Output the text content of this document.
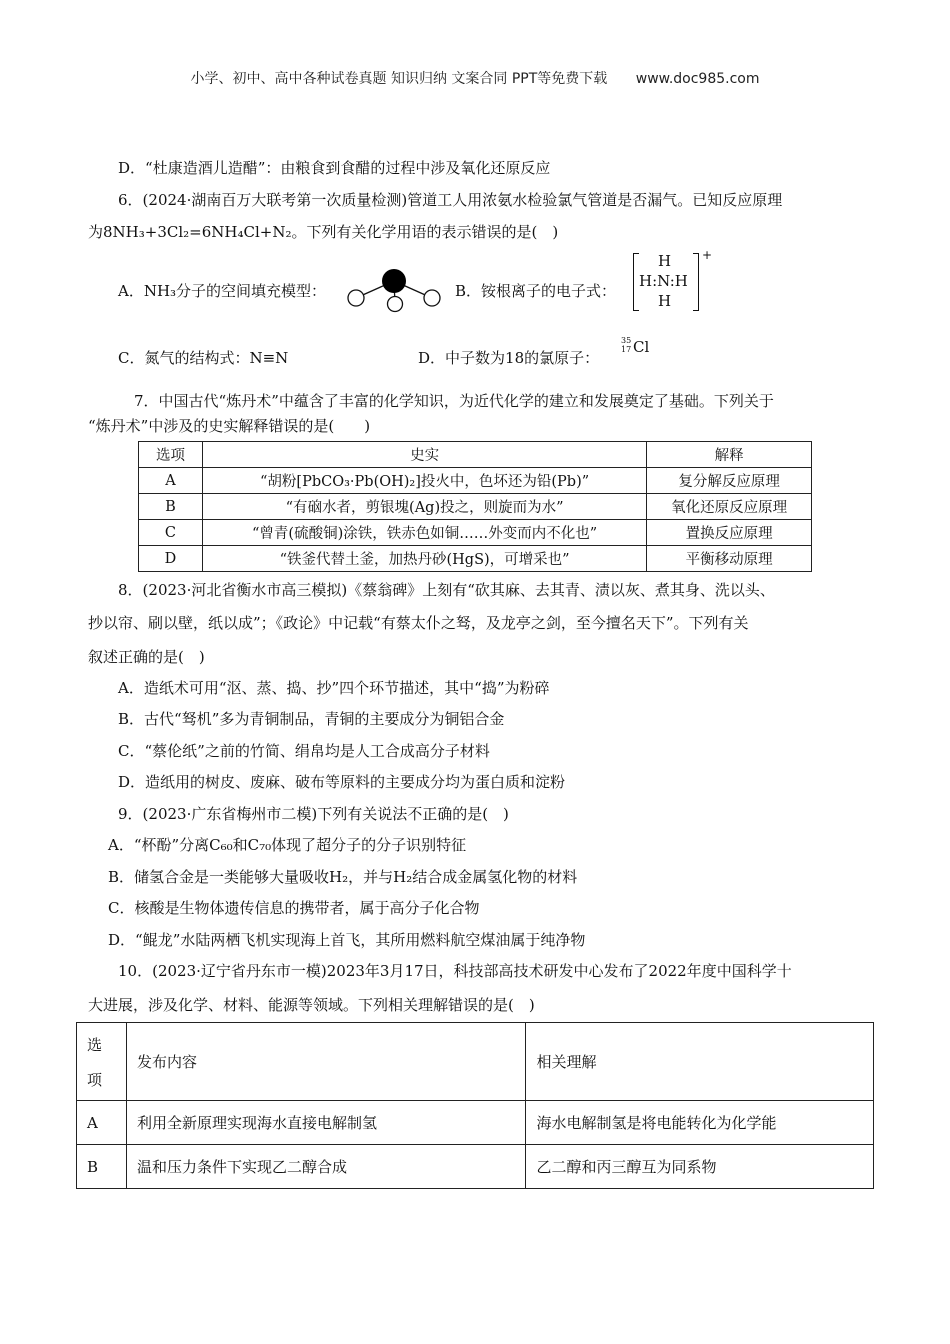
小学、初中、高中各种试卷真题 知识归纳 文案合同 PPT等免费下载 www.doc985.com
D．“杜康造酒儿造醋”：由粮食到食醋的过程中涉及氧化还原反应
6．(2024·湖南百万大联考第一次质量检测)管道工人用浓氨水检验氯气管道是否漏气。已知反应原理
为8NH₃+3Cl₂=6NH₄Cl+N₂。下列有关化学用语的表示错误的是(　)
A．NH₃分子的空间填充模型：	B．铵根离子的电子式：
H
H:N:H
H
+
C．氮气的结构式：N≡N	D．中子数为18的氯原子：
35
17 Cl
7．中国古代“炼丹术”中蕴含了丰富的化学知识，为近代化学的建立和发展奠定了基础。下列关于
“炼丹术”中涉及的史实解释错误的是(　　)
选项	史实	解释
A	“胡粉[PbCO₃·Pb(OH)₂]投火中，色坏还为铅(Pb)”	复分解反应原理
B	“有硇水者，剪银塊(Ag)投之，则旋而为水”	氧化还原反应原理
C	“曾青(硫酸铜)涂铁，铁赤色如铜……外变而内不化也”	置换反应原理
D	“铁釜代替土釜，加热丹砂(HgS)，可增采也”	平衡移动原理
8．(2023·河北省衡水市高三模拟)《蔡翁碑》上刻有“砍其麻、去其青、渍以灰、煮其身、洗以头、
抄以帘、刷以壁，纸以成”；《政论》中记载“有蔡太仆之驽，及龙亭之剑，至今擅名天下”。下列有关
叙述正确的是(　)
A．造纸术可用“沤、蒸、捣、抄”四个环节描述，其中“捣”为粉碎
B．古代“驽机”多为青铜制品，青铜的主要成分为铜铝合金
C．“蔡伦纸”之前的竹简、绢帛均是人工合成高分子材料
D．造纸用的树皮、废麻、破布等原料的主要成分均为蛋白质和淀粉
9．(2023·广东省梅州市二模)下列有关说法不正确的是(　)
A．“杯酚”分离C₆₀和C₇₀体现了超分子的分子识别特征
B．储氢合金是一类能够大量吸收H₂，并与H₂结合成金属氢化物的材料
C．核酸是生物体遗传信息的携带者，属于高分子化合物
D．“鲲龙”水陆两栖飞机实现海上首飞，其所用燃料航空煤油属于纯净物
10．(2023·辽宁省丹东市一模)2023年3月17日，科技部高技术研发中心发布了2022年度中国科学十
大进展，涉及化学、材料、能源等领域。下列相关理解错误的是(　)
选
项	发布内容	相关理解
A	利用全新原理实现海水直接电解制氢	海水电解制氢是将电能转化为化学能
B	温和压力条件下实现乙二醇合成	乙二醇和丙三醇互为同系物
